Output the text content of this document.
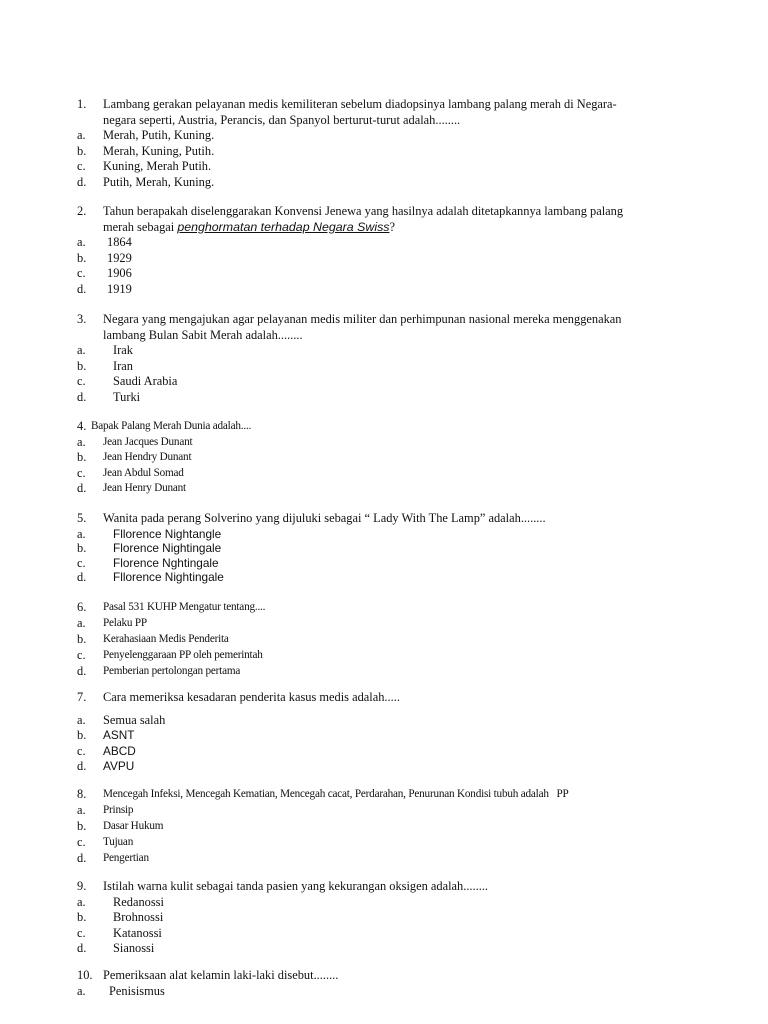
1.	Lambang gerakan pelayanan medis kemiliteran sebelum diadopsinya lambang palang merah di Negara-negara seperti, Austria, Perancis, dan Spanyol berturut-turut adalah........
a.	Merah, Putih, Kuning.
b.	Merah, Kuning, Putih.
c.	Kuning, Merah Putih.
d.	Putih, Merah, Kuning.
2.	Tahun berapakah diselenggarakan Konvensi Jenewa yang hasilnya adalah ditetapkannya lambang palang merah sebagai penghormatan terhadap Negara Swiss?
a.	1864
b.	1929
c.	1906
d.	1919
3.	Negara yang mengajukan agar pelayanan medis militer dan perhimpunan nasional mereka menggenakan lambang Bulan Sabit Merah adalah........
a.	Irak
b.	Iran
c.	Saudi Arabia
d.	Turki
4. Bapak Palang Merah Dunia adalah....
a.	Jean Jacques Dunant
b.	Jean Hendry Dunant
c.	Jean Abdul Somad
d.	Jean Henry Dunant
5.	Wanita pada perang Solverino yang dijuluki sebagai “ Lady With The Lamp” adalah........
a.	Fllorence Nightangle
b.	Florence Nightingale
c.	Florence Nghtingale
d.	Fllorence Nightingale
6.	Pasal 531 KUHP Mengatur tentang....
a.	Pelaku PP
b.	Kerahasiaan Medis Penderita
c.	Penyelenggaraan PP oleh pemerintah
d.	Pemberian pertolongan pertama
7.	Cara memeriksa kesadaran penderita kasus medis adalah.....
a.	Semua salah
b.	ASNT
c.	ABCD
d.	AVPU
8.	Mencegah Infeksi, Mencegah Kematian, Mencegah cacat, Perdarahan, Penurunan Kondisi tubuh adalah   PP
a.	Prinsip
b.	Dasar Hukum
c.	Tujuan
d.	Pengertian
9.	Istilah warna kulit sebagai tanda pasien yang kekurangan oksigen adalah........
a.	Redanossi
b.	Brohnossi
c.	Katanossi
d.	Sianossi
10. Pemeriksaan alat kelamin laki-laki disebut........
a.	Penisismus
